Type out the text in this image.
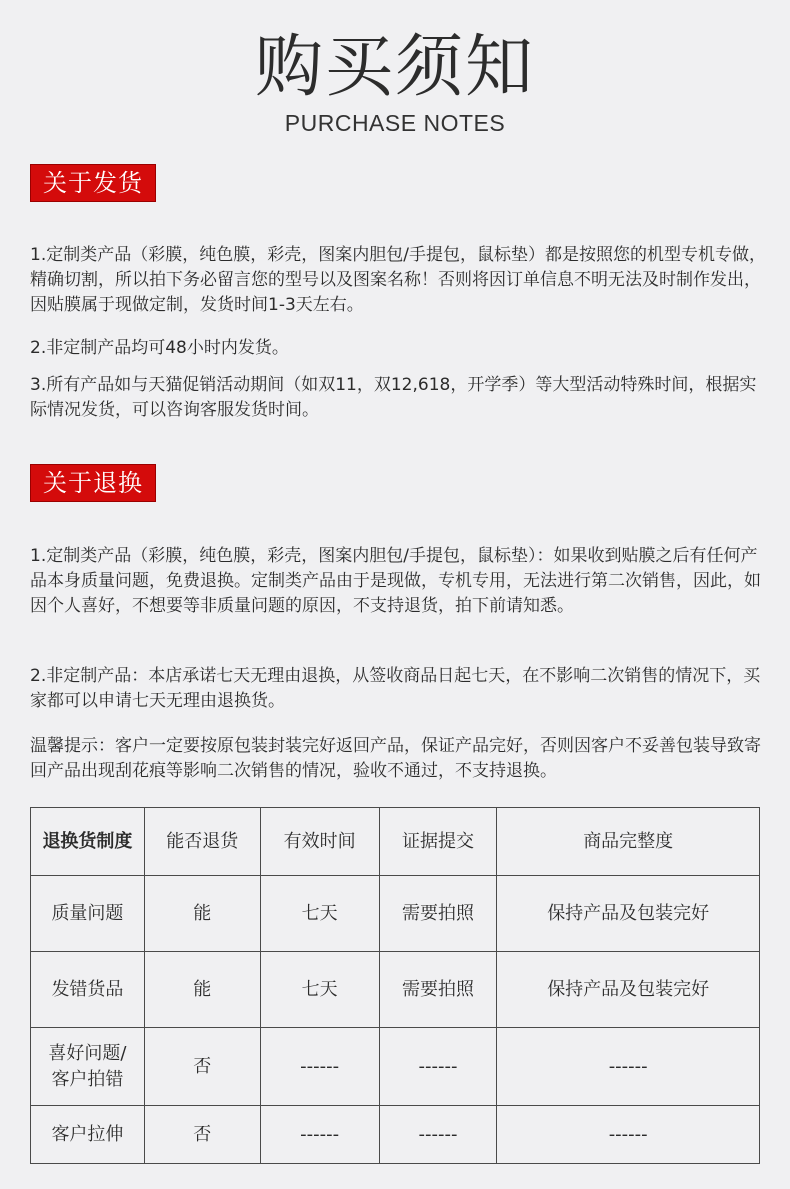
购买须知
PURCHASE NOTES
关于发货

1.定制类产品（彩膜，纯色膜，彩壳，图案内胆包/手提包，鼠标垫）都是按照您的机型专机专做，精确切割，所以拍下务必留言您的型号以及图案名称！否则将因订单信息不明无法及时制作发出，因贴膜属于现做定制，发货时间1-3天左右。

2.非定制产品均可48小时内发货。

3.所有产品如与天猫促销活动期间（如双11，双12,618，开学季）等大型活动特殊时间，根据实际情况发货，可以咨询客服发货时间。

关于退换

1.定制类产品（彩膜，纯色膜，彩壳，图案内胆包/手提包，鼠标垫）：如果收到贴膜之后有任何产品本身质量问题，免费退换。定制类产品由于是现做，专机专用，无法进行第二次销售，因此，如因个人喜好，不想要等非质量问题的原因，不支持退货，拍下前请知悉。

2.非定制产品：本店承诺七天无理由退换，从签收商品日起七天，在不影响二次销售的情况下，买家都可以申请七天无理由退换货。

温馨提示：客户一定要按原包装封装完好返回产品，保证产品完好，否则因客户不妥善包装导致寄回产品出现刮花痕等影响二次销售的情况，验收不通过，不支持退换。

退换货制度	能否退货	有效时间	证据提交	商品完整度
质量问题	能	七天	需要拍照	保持产品及包装完好
发错货品	能	七天	需要拍照	保持产品及包装完好
喜好问题/客户拍错	否	------	------	------
客户拉伸	否	------	------	------
